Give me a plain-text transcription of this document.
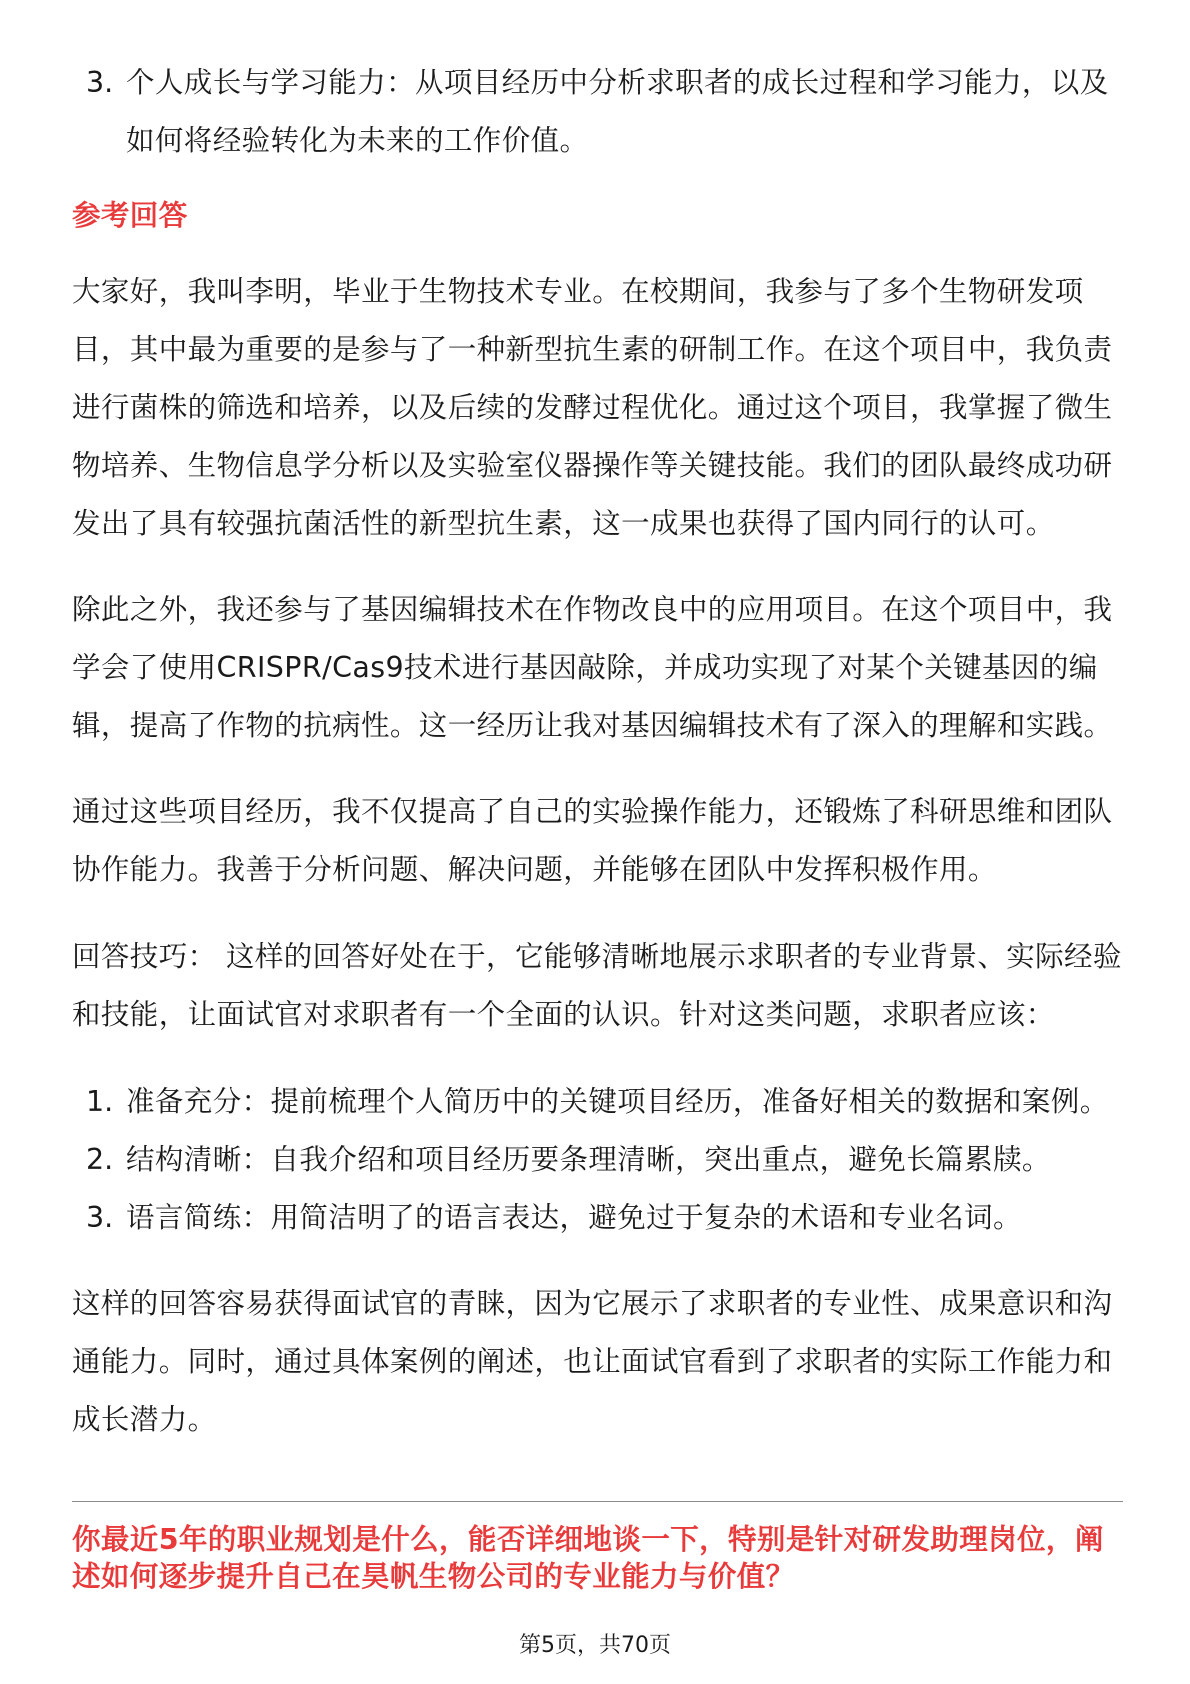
3. 个人成长与学习能力：从项目经历中分析求职者的成长过程和学习能力，以及
如何将经验转化为未来的工作价值。
参考回答
大家好，我叫李明，毕业于生物技术专业。在校期间，我参与了多个生物研发项
目，其中最为重要的是参与了一种新型抗生素的研制工作。在这个项目中，我负责
进行菌株的筛选和培养，以及后续的发酵过程优化。通过这个项目，我掌握了微生
物培养、生物信息学分析以及实验室仪器操作等关键技能。我们的团队最终成功研
发出了具有较强抗菌活性的新型抗生素，这一成果也获得了国内同行的认可。
除此之外，我还参与了基因编辑技术在作物改良中的应用项目。在这个项目中，我
学会了使用CRISPR/Cas9技术进行基因敲除，并成功实现了对某个关键基因的编
辑，提高了作物的抗病性。这一经历让我对基因编辑技术有了深入的理解和实践。
通过这些项目经历，我不仅提高了自己的实验操作能力，还锻炼了科研思维和团队
协作能力。我善于分析问题、解决问题，并能够在团队中发挥积极作用。
回答技巧： 这样的回答好处在于，它能够清晰地展示求职者的专业背景、实际经验
和技能，让面试官对求职者有一个全面的认识。针对这类问题，求职者应该：
1. 准备充分：提前梳理个人简历中的关键项目经历，准备好相关的数据和案例。
2. 结构清晰：自我介绍和项目经历要条理清晰，突出重点，避免长篇累牍。
3. 语言简练：用简洁明了的语言表达，避免过于复杂的术语和专业名词。
这样的回答容易获得面试官的青睐，因为它展示了求职者的专业性、成果意识和沟
通能力。同时，通过具体案例的阐述，也让面试官看到了求职者的实际工作能力和
成长潜力。
你最近5年的职业规划是什么，能否详细地谈一下，特别是针对研发助理岗位，阐
述如何逐步提升自己在昊帆生物公司的专业能力与价值？
第5页，共70页
